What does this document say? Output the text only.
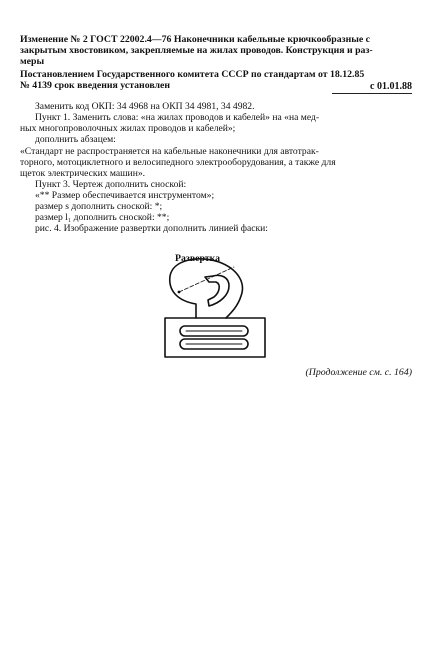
Изменение № 2 ГОСТ 22002.4—76 Наконечники кабельные крючкообразные с
закрытым хвостовиком, закрепляемые на жилах проводов. Конструкция и раз-
меры
Постановлением Государственного комитета СССР по стандартам от 18.12.85
№ 4139 срок введения установлен	с 01.01.88
Заменить код ОКП: 34 4968 на ОКП 34 4981, 34 4982.
Пункт 1. Заменить слова: «на жилах проводов и кабелей» на «на мед-
ных многопроволочных жилах проводов и кабелей»;
дополнить абзацем:
«Стандарт не распространяется на кабельные наконечники для автотрак-
торного, мотоциклетного и велосипедного электрооборудования, а также для
щеток электрических машин».
Пункт 3. Чертеж дополнить сноской:
«** Размер обеспечивается инструментом»;
размер s дополнить сноской: *;
размер l₁ дополнить сноской: **;
рис. 4. Изображение развертки дополнить линией фаски:
Развертка
(Продолжение см. с. 164)
